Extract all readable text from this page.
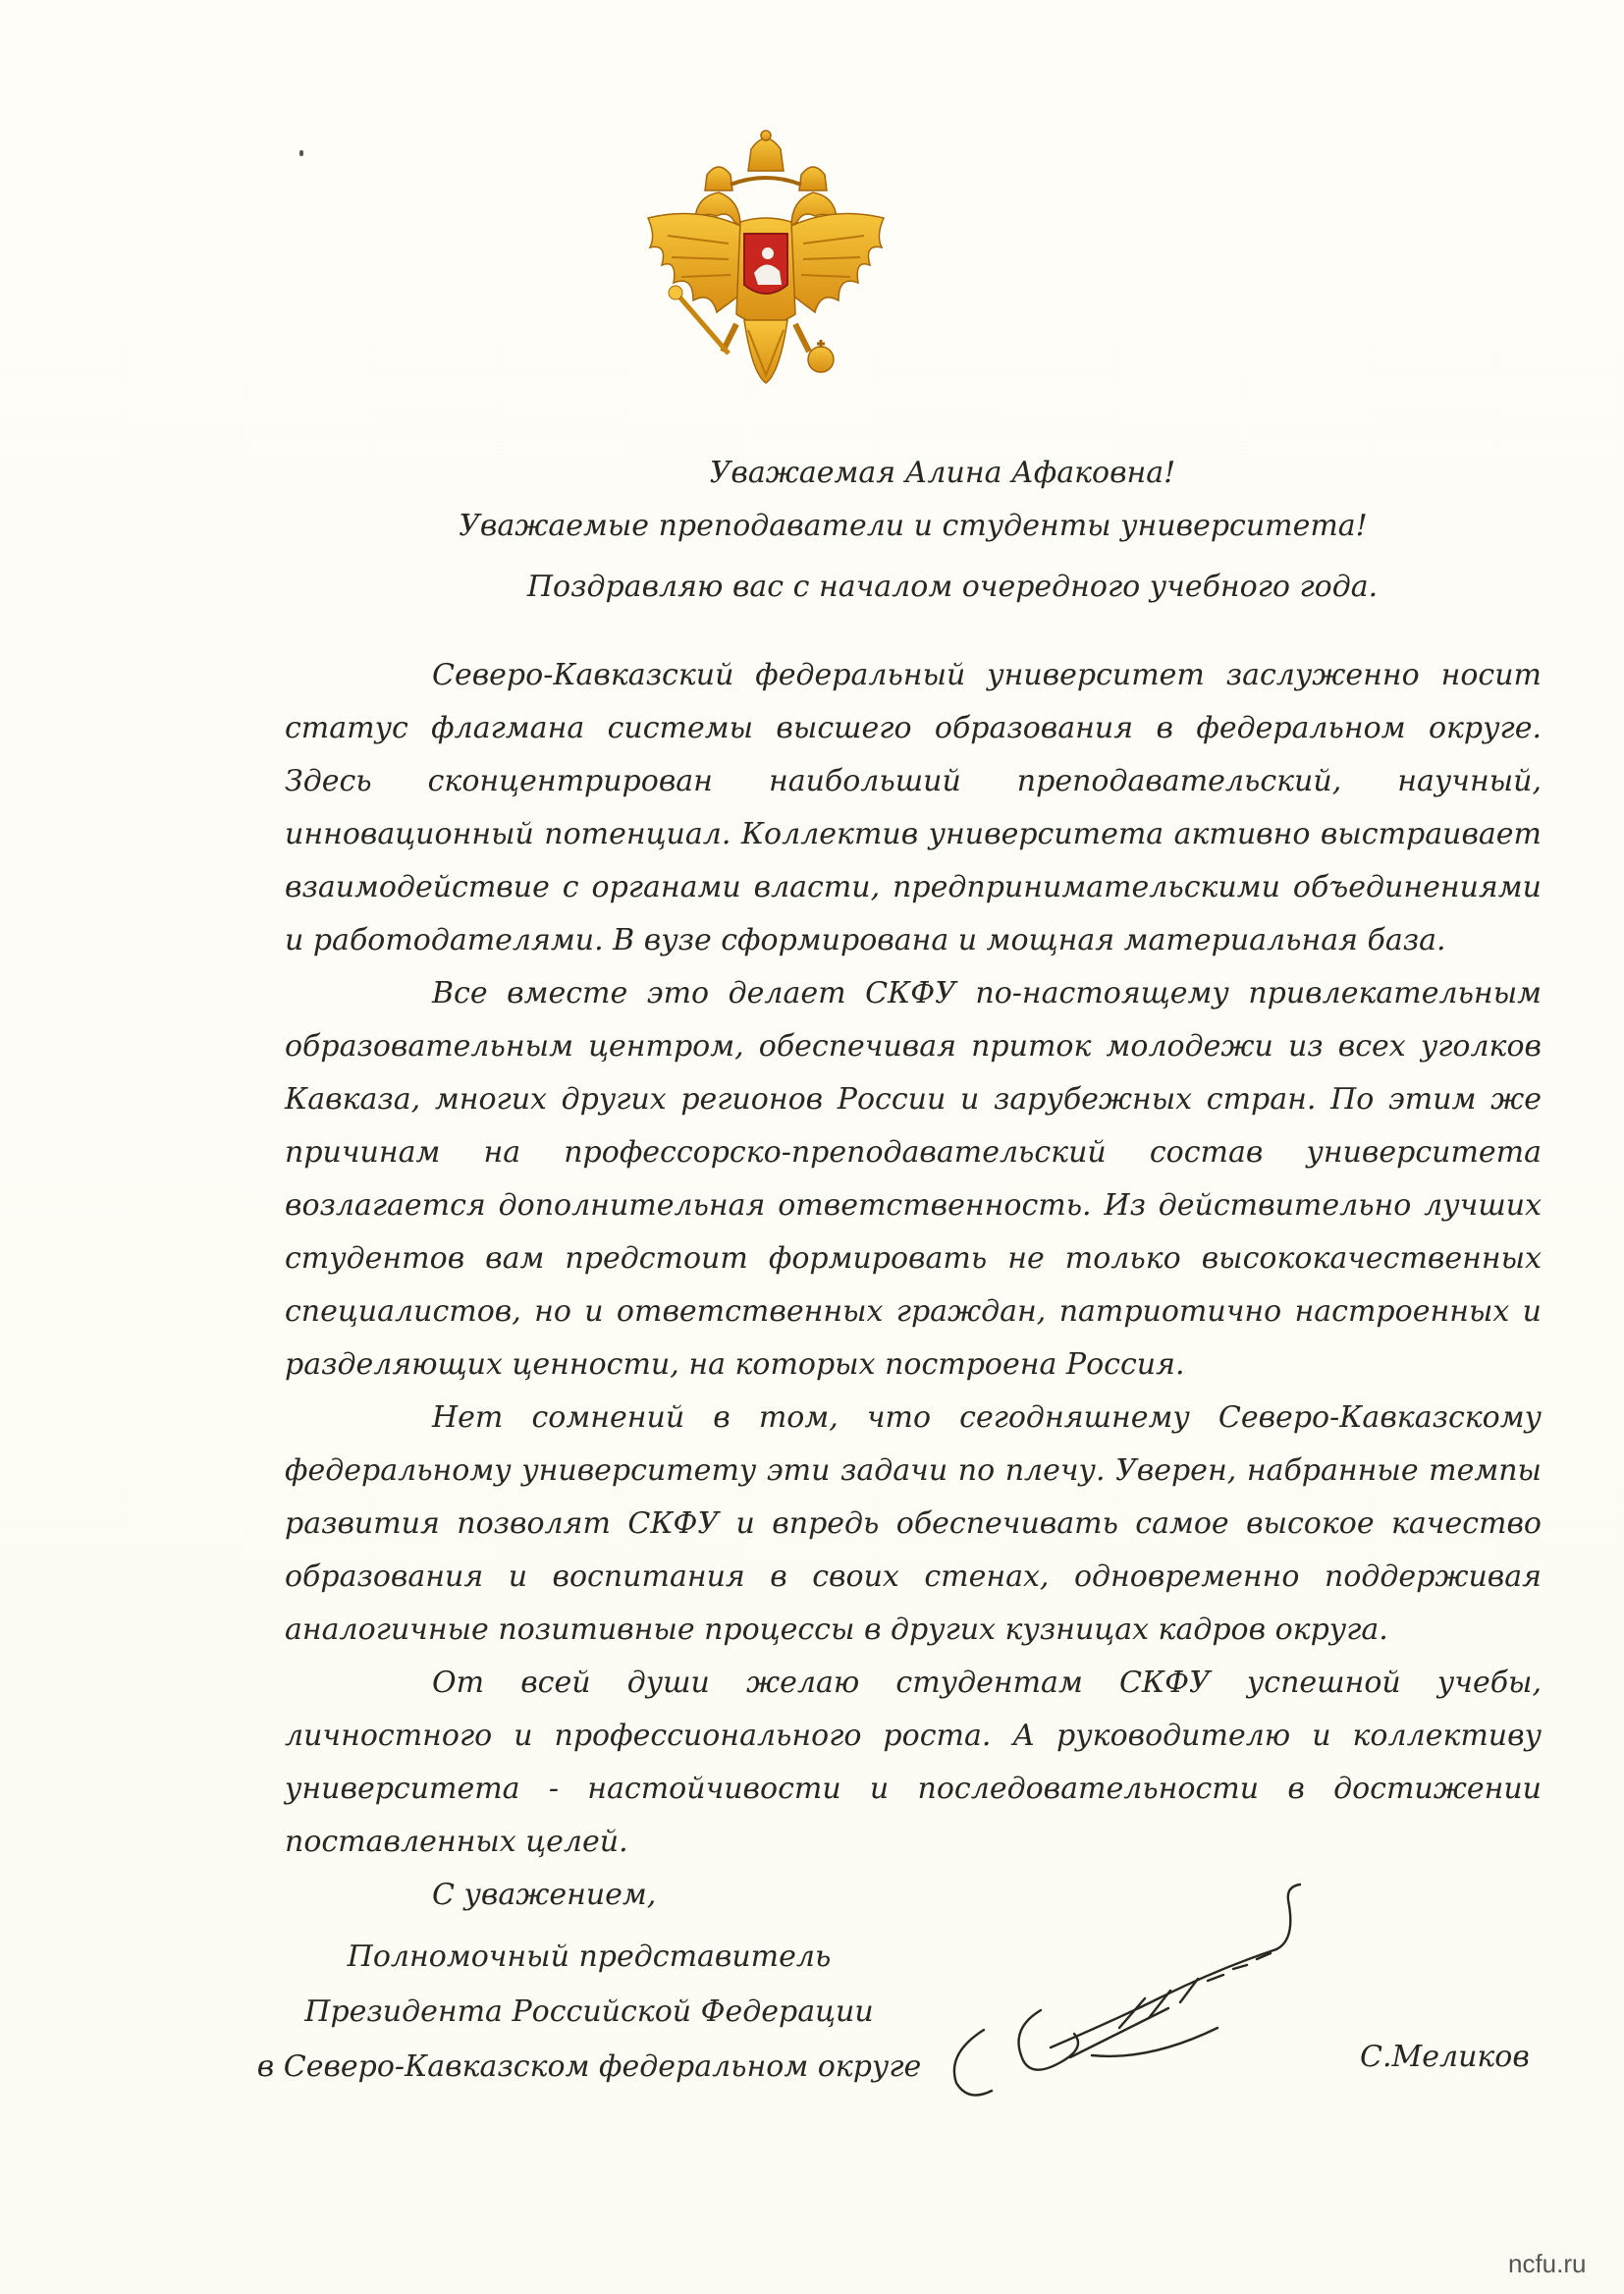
Уважаемая Алина Афаковна!

Уважаемые преподаватели и студенты университета!

Поздравляю вас с началом очередного учебного года.

Северо-Кавказский федеральный университет заслуженно носит статус флагмана системы высшего образования в федеральном округе. Здесь сконцентрирован наибольший преподавательский, научный, инновационный потенциал. Коллектив университета активно выстраивает взаимодействие с органами власти, предпринимательскими объединениями и работодателями. В вузе сформирована и мощная материальная база.

Все вместе это делает СКФУ по-настоящему привлекательным образовательным центром, обеспечивая приток молодежи из всех уголков Кавказа, многих других регионов России и зарубежных стран. По этим же причинам на профессорско-преподавательский состав университета возлагается дополнительная ответственность. Из действительно лучших студентов вам предстоит формировать не только высококачественных специалистов, но и ответственных граждан, патриотично настроенных и разделяющих ценности, на которых построена Россия.

Нет сомнений в том, что сегодняшнему Северо-Кавказскому федеральному университету эти задачи по плечу. Уверен, набранные темпы развития позволят СКФУ и впредь обеспечивать самое высокое качество образования и воспитания в своих стенах, одновременно поддерживая аналогичные позитивные процессы в других кузницах кадров округа.

От всей души желаю студентам СКФУ успешной учебы, личностного и профессионального роста. А руководителю и коллективу университета - настойчивости и последовательности в достижении поставленных целей.

С уважением,

Полномочный представитель

Президента Российской Федерации

в Северо-Кавказском федеральном округе	С.Меликов
ncfu.ru
